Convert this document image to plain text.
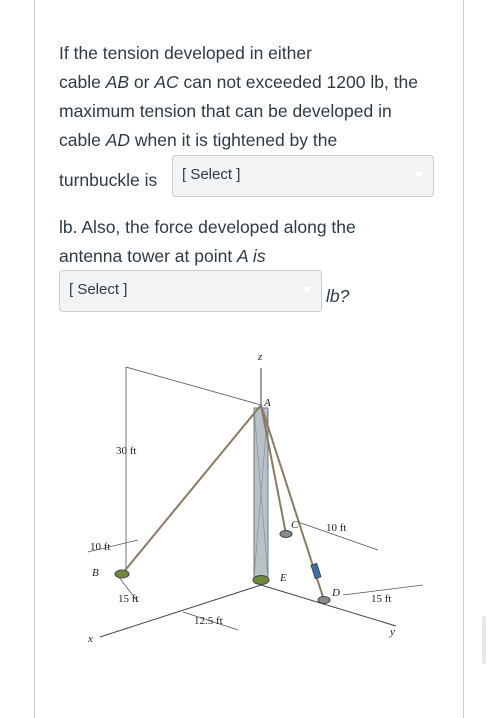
If the tension developed in either
cable AB or AC can not exceeded 1200 lb, the
maximum tension that can be developed in
cable AD when it is tightened by the
turnbuckle is [ Select ]
lb. Also, the force developed along the
antenna tower at point A is
[ Select ]	lb?
z
x
y
30 ft
10 ft
10 ft
15 ft	15 ft
12.5 ft
A
B
C
D
E
